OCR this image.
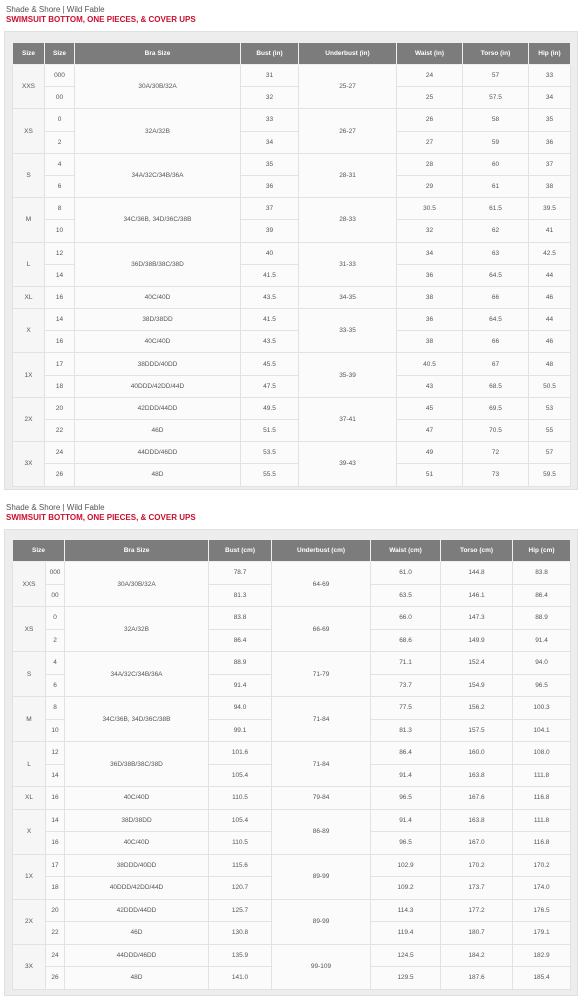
Shade & Shore | Wild Fable
SWIMSUIT BOTTOM, ONE PIECES, & COVER UPS
Size	Size	Bra Size	Bust (in)	Underbust (in)	Waist (in)	Torso (in)	Hip (in)
XXS	000	30A/30B/32A	31	25-27	24	57	33
	00		32		25	57.5	34
XS	0	32A/32B	33	26-27	26	58	35
	2		34		27	59	36
S	4	34A/32C/34B/36A	35	28-31	28	60	37
	6		36		29	61	38
M	8	34C/36B, 34D/36C/38B	37	28-33	30.5	61.5	39.5
	10		39		32	62	41
L	12	36D/38B/38C/38D	40	31-33	34	63	42.5
	14		41.5		36	64.5	44
XL	16	40C/40D	43.5	34-35	38	66	46
X	14	38D/38DD	41.5	33-35	36	64.5	44
	16	40C/40D	43.5		38	66	46
1X	17	38DDD/40DD	45.5	35-39	40.5	67	48
	18	40DDD/42DD/44D	47.5		43	68.5	50.5
2X	20	42DDD/44DD	49.5	37-41	45	69.5	53
	22	46D	51.5		47	70.5	55
3X	24	44DDD/46DD	53.5	39-43	49	72	57
	26	48D	55.5		51	73	59.5
Shade & Shore | Wild Fable
SWIMSUIT BOTTOM, ONE PIECES, & COVER UPS
Size		Bra Size	Bust (cm)	Underbust (cm)	Waist (cm)	Torso (cm)	Hip (cm)
XXS	000	30A/30B/32A	78.7	64-69	61.0	144.8	83.8
	00		81.3		63.5	146.1	86.4
XS	0	32A/32B	83.8	66-69	66.0	147.3	88.9
	2		86.4		68.6	149.9	91.4
S	4	34A/32C/34B/36A	88.9	71-79	71.1	152.4	94.0
	6		91.4		73.7	154.9	96.5
M	8	34C/36B, 34D/36C/38B	94.0	71-84	77.5	156.2	100.3
	10		99.1		81.3	157.5	104.1
L	12	36D/38B/38C/38D	101.6	71-84	86.4	160.0	108.0
	14		105.4		91.4	163.8	111.8
XL	16	40C/40D	110.5	79-84	96.5	167.6	116.8
X	14	38D/38DD	105.4	86-89	91.4	163.8	111.8
	16	40C/40D	110.5		96.5	167.0	116.8
1X	17	38DDD/40DD	115.6	89-99	102.9	170.2	170.2
	18	40DDD/42DD/44D	120.7		109.2	173.7	174.0
2X	20	42DDD/44DD	125.7	89-99	114.3	177.2	176.5
	22	46D	130.8		119.4	180.7	179.1
3X	24	44DDD/46DD	135.9	99-109	124.5	184.2	182.9
	26	48D	141.0		129.5	187.6	185.4
